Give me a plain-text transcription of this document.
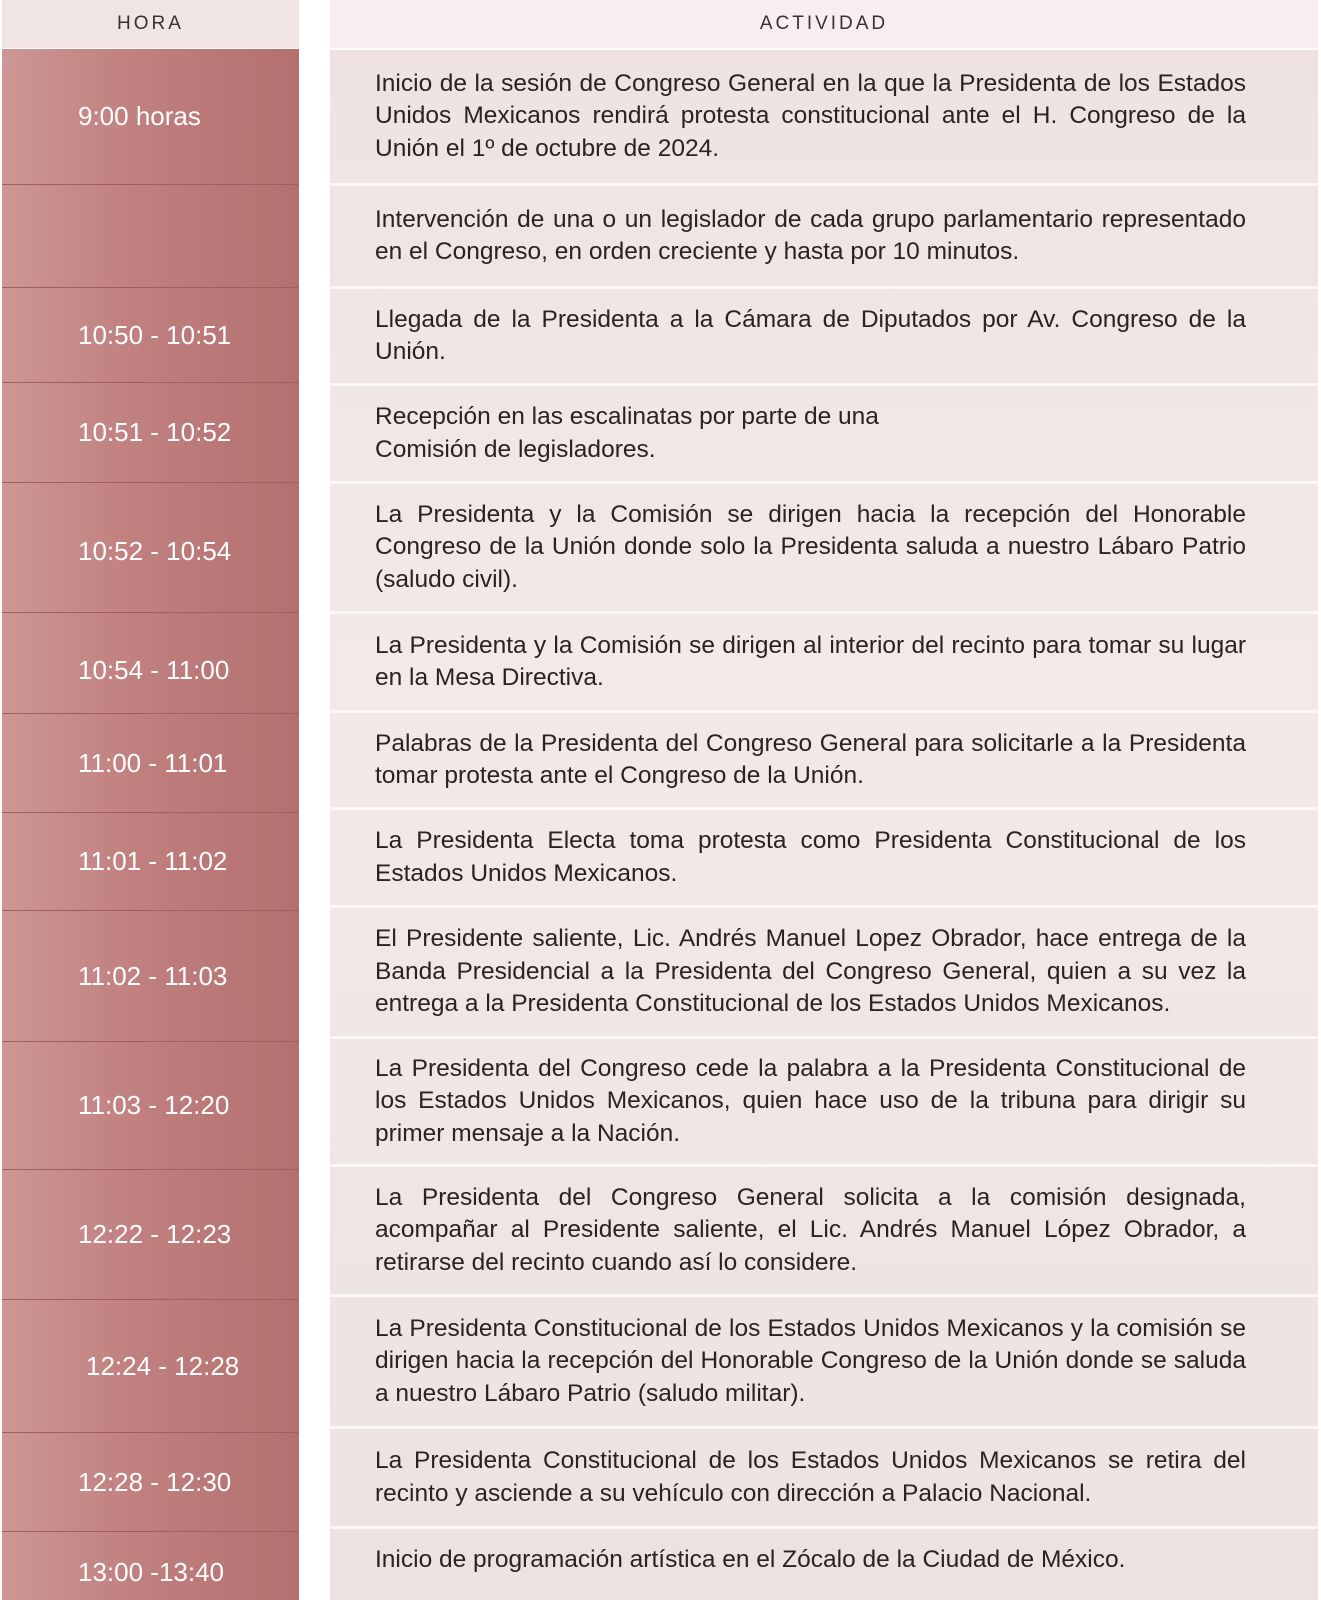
HORA
9:00 horas
10:50 - 10:51
10:51 - 10:52
10:52 - 10:54
10:54 - 11:00
11:00 - 11:01
11:01 - 11:02
11:02 - 11:03
11:03 - 12:20
12:22 - 12:23
12:24 - 12:28
12:28 - 12:30
13:00 -13:40
ACTIVIDAD
Inicio de la sesión de Congreso General en la que la Presidenta de los Estados Unidos Mexicanos rendirá protesta constitucional ante el H. Congreso de la Unión el 1º de octubre de 2024.
Intervención de una o un legislador de cada grupo parlamentario representado en el Congreso, en orden creciente y hasta por 10 minutos.
Llegada de la Presidenta a la Cámara de Diputados por Av. Congreso de la Unión.
Recepción en las escalinatas por parte de una
Comisión de legisladores.
La Presidenta y la Comisión se dirigen hacia la recepción del Honorable Congreso de la Unión donde solo la Presidenta saluda a nuestro Lábaro Patrio (saludo civil).
La Presidenta y la Comisión se dirigen al interior del recinto para tomar su lugar en la Mesa Directiva.
Palabras de la Presidenta del Congreso General para solicitarle a la Presidenta tomar protesta ante el Congreso de la Unión.
La Presidenta Electa toma protesta como Presidenta Constitucional de los Estados Unidos Mexicanos.
El Presidente saliente, Lic. Andrés Manuel Lopez Obrador, hace entrega de la Banda Presidencial a la Presidenta del Congreso General, quien a su vez la entrega a la Presidenta Constitucional de los Estados Unidos Mexicanos.
La Presidenta del Congreso cede la palabra a la Presidenta Constitucional de los Estados Unidos Mexicanos, quien hace uso de la tribuna para dirigir su primer mensaje a la Nación.
La Presidenta del Congreso General solicita a la comisión designada, acompañar al Presidente saliente, el Lic. Andrés Manuel López Obrador, a retirarse del recinto cuando así lo considere.
La Presidenta Constitucional de los Estados Unidos Mexicanos y la comisión se dirigen hacia la recepción del Honorable Congreso de la Unión donde se saluda a nuestro Lábaro Patrio (saludo militar).
La Presidenta Constitucional de los Estados Unidos Mexicanos se retira del recinto y asciende a su vehículo con dirección a Palacio Nacional.
Inicio de programación artística en el Zócalo de la Ciudad de México.
